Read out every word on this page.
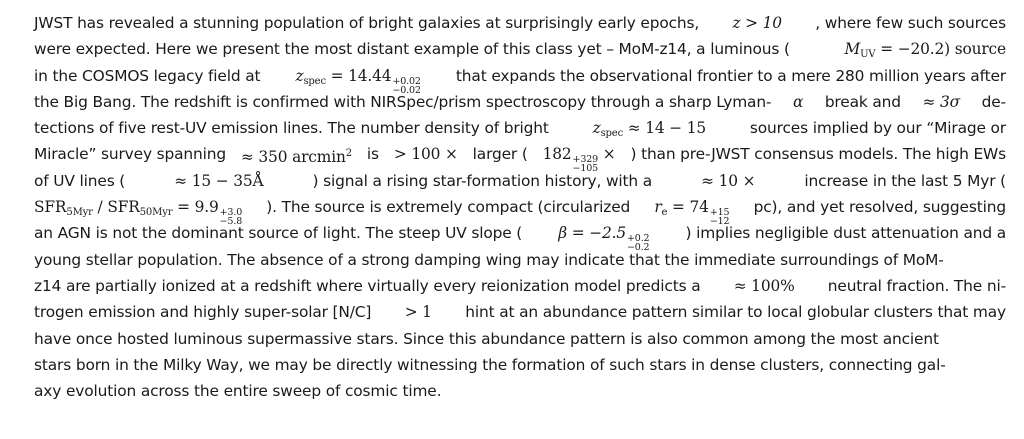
JWST has revealed a stunning population of bright galaxies at surprisingly early epochs, z > 10 , where few such sources
were expected. Here we present the most distant example of this class yet – MoM-z14, a luminous (	$M_{UV} = -20.2$) source
in the COSMOS legacy field at $z_{spec} = 14.44 +0.02$
−0.02
that expands the observational frontier to a mere 280 million years after
the Big Bang. The redshift is confirmed with NIRSpec/prism spectroscopy through a sharp Lyman- α break and ≈ 3σ de-
tections of five rest-UV emission lines. The number density of bright	$z_{spec} \approx 14 - 15$	sources implied by our “Mirage or
Miracle” survey spanning ≈ 350 arcmin$^2$ is > 100 × larger ( 182 +329
−105
× ) than pre-JWST consensus models. The high EWs
of UV lines (	≈ 15 − 35Å	) signal a rising star-formation history, with a	≈ 10 ×	increase in the last 5 Myr (
$SFR_{5Myr} / SFR_{50Myr} = 9.9 +3.0$
−5.8
). The source is extremely compact (circularized $r_e = 74 +15$
−12
pc), and yet resolved, suggesting
an AGN is not the dominant source of light. The steep UV slope ( β = −2.5 +0.2
−0.2
) implies negligible dust attenuation and a
young stellar population. The absence of a strong damping wing may indicate that the immediate surroundings of MoM-
z14 are partially ionized at a redshift where virtually every reionization model predicts a ≈ 100% neutral fraction. The ni-
trogen emission and highly super-solar [N/C] > 1 hint at an abundance pattern similar to local globular clusters that may
have once hosted luminous supermassive stars. Since this abundance pattern is also common among the most ancient
stars born in the Milky Way, we may be directly witnessing the formation of such stars in dense clusters, connecting gal-
axy evolution across the entire sweep of cosmic time.
